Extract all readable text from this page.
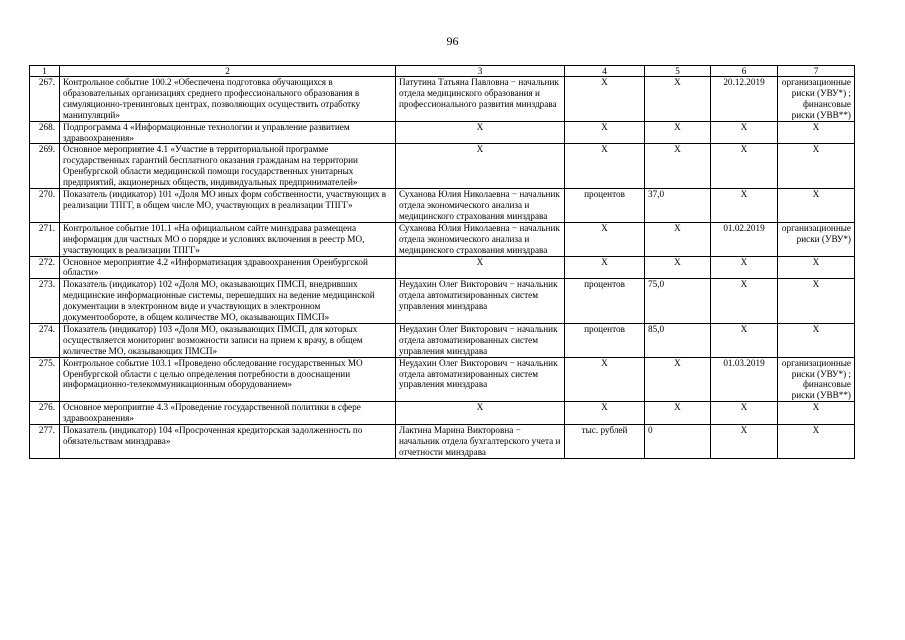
96
1	2	3	4	5	6	7
267.	Контрольное событие 100.2 «Обеспечена подготовка обучающихся в образовательных организациях среднего профессионального образования в симуляционно-тренинговых центрах, позволяющих осуществить отработку манипуляций»	Патутина Татьяна Павловна − начальник отдела медицинского образования и профессионального развития минздрава	Х	Х	20.12.2019	организационные риски (УВУ*) ; финансовые риски (УВВ**)
268.	Подпрограмма 4 «Информационные технологии и управление развитием здравоохранения»	Х	Х	Х	Х	Х
269.	Основное мероприятие 4.1 «Участие в территориальной программе государственных гарантий бесплатного оказания гражданам на территории Оренбургской области медицинской помощи государственных унитарных предприятий, акционерных обществ, индивидуальных предпринимателей»	Х	Х	Х	Х	Х
270.	Показатель (индикатор) 101 «Доля МО иных форм собственности, участвующих в реализации ТПГГ, в общем числе МО, участвующих в реализации ТПГГ»	Суханова Юлия Николаевна − начальник отдела экономического анализа и медицинского страхования минздрава	процентов	37,0	Х	Х
271.	Контрольное событие 101.1 «На официальном сайте минздрава размещена информация для частных МО о порядке и условиях включения в реестр МО, участвующих в реализации ТПГГ»	Суханова Юлия Николаевна − начальник отдела экономического анализа и медицинского страхования минздрава	Х	Х	01.02.2019	организационные риски (УВУ*)
272.	Основное мероприятие 4.2 «Информатизация здравоохранения Оренбургской области»	Х	Х	Х	Х	Х
273.	Показатель (индикатор) 102 «Доля МО, оказывающих ПМСП, внедривших медицинские информационные системы, перешедших на ведение медицинской документации в электронном виде и участвующих в электронном документообороте, в общем количестве МО, оказывающих ПМСП»	Неудахин Олег Викторович − начальник отдела автоматизированных систем управления минздрава	процентов	75,0	Х	Х
274.	Показатель (индикатор) 103 «Доля МО, оказывающих ПМСП, для которых осуществляется мониторинг возможности записи на прием к врачу, в общем количестве МО, оказывающих ПМСП»	Неудахин Олег Викторович − начальник отдела автоматизированных систем управления минздрава	процентов	85,0	Х	Х
275.	Контрольное событие 103.1 «Проведено обследование государственных МО Оренбургской области с целью определения потребности в дооснащении информационно-телекоммуникационным оборудованием»	Неудахин Олег Викторович − начальник отдела автоматизированных систем управления минздрава	Х	Х	01.03.2019	организационные риски (УВУ*) ; финансовые риски (УВВ**)
276.	Основное мероприятие 4.3 «Проведение государственной политики в сфере здравоохранения»	Х	Х	Х	Х	Х
277.	Показатель (индикатор) 104 «Просроченная кредиторская задолженность по обязательствам минздрава»	Лактина Марина Викторовна − начальник отдела бухгалтерского учета и отчетности минздрава	тыс. рублей	0	Х	Х
